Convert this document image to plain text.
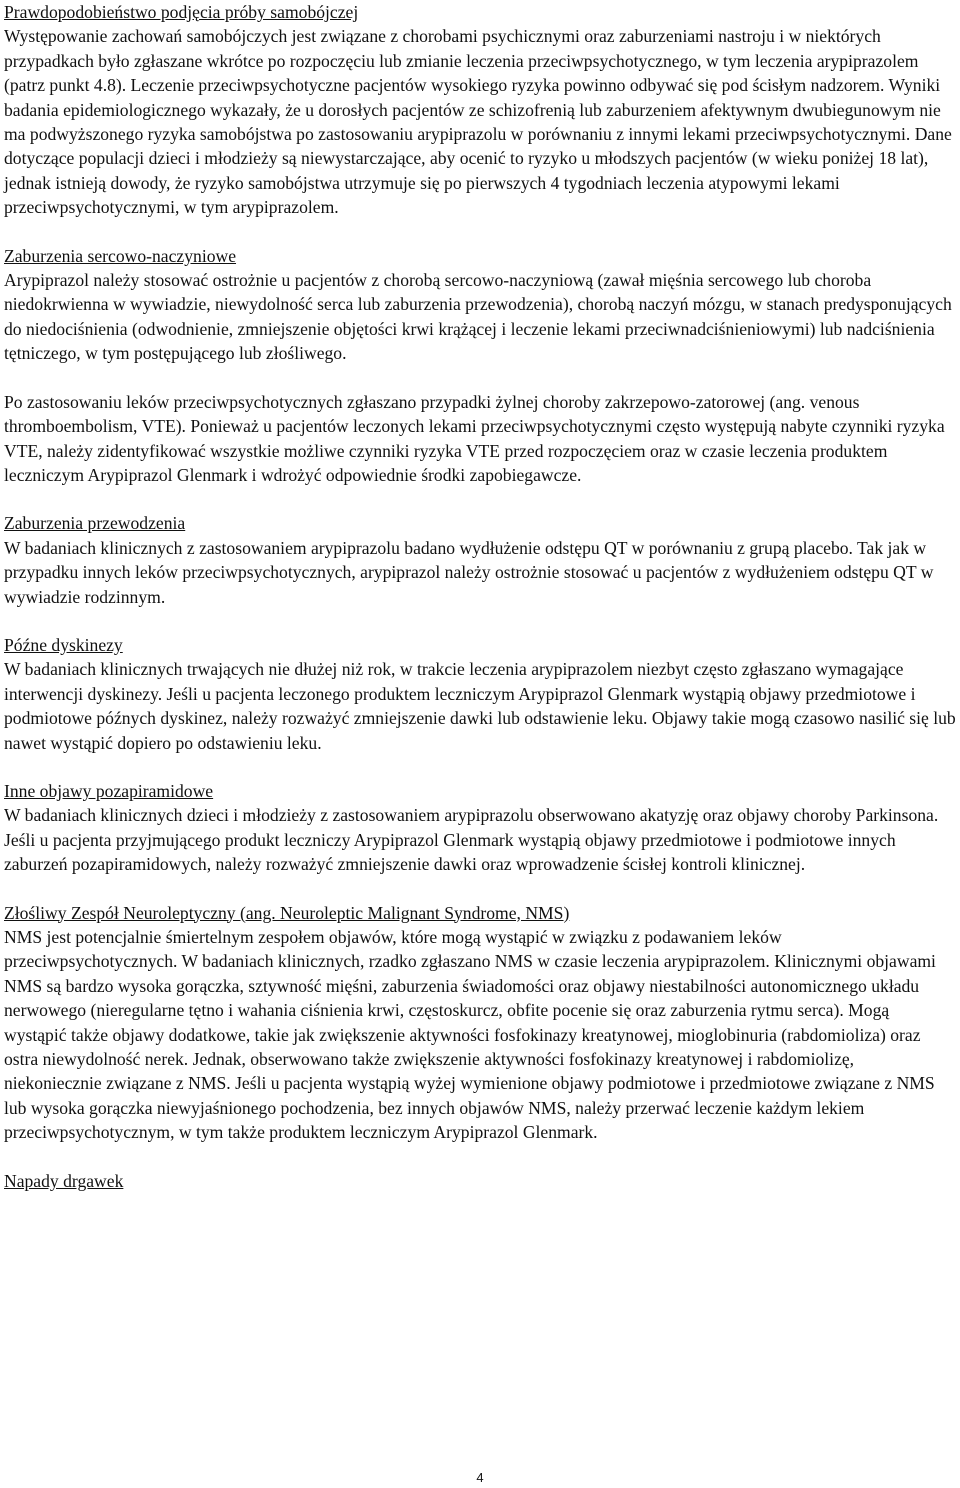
Prawdopodobieństwo podjęcia próby samobójczej

Występowanie zachowań samobójczych jest związane z chorobami psychicznymi oraz zaburzeniami nastroju i w niektórych przypadkach było zgłaszane wkrótce po rozpoczęciu lub zmianie leczenia przeciwpsychotycznego, w tym leczenia arypiprazolem (patrz punkt 4.8). Leczenie przeciwpsychotyczne pacjentów wysokiego ryzyka powinno odbywać się pod ścisłym nadzorem. Wyniki badania epidemiologicznego wykazały, że u dorosłych pacjentów ze schizofrenią lub zaburzeniem afektywnym dwubiegunowym nie ma podwyższonego ryzyka samobójstwa po zastosowaniu arypiprazolu w porównaniu z innymi lekami przeciwpsychotycznymi. Dane dotyczące populacji dzieci i młodzieży są niewystarczające, aby ocenić to ryzyko u młodszych pacjentów (w wieku poniżej 18 lat), jednak istnieją dowody, że ryzyko samobójstwa utrzymuje się po pierwszych 4 tygodniach leczenia atypowymi lekami przeciwpsychotycznymi, w tym arypiprazolem.

Zaburzenia sercowo-naczyniowe

Arypiprazol należy stosować ostrożnie u pacjentów z chorobą sercowo-naczyniową (zawał mięśnia sercowego lub choroba niedokrwienna w wywiadzie, niewydolność serca lub zaburzenia przewodzenia), chorobą naczyń mózgu, w stanach predysponujących do niedociśnienia (odwodnienie, zmniejszenie objętości krwi krążącej i leczenie lekami przeciwnadciśnieniowymi) lub nadciśnienia tętniczego, w tym postępującego lub złośliwego.

Po zastosowaniu leków przeciwpsychotycznych zgłaszano przypadki żylnej choroby zakrzepowo-zatorowej (ang. venous thromboembolism, VTE). Ponieważ u pacjentów leczonych lekami przeciwpsychotycznymi często występują nabyte czynniki ryzyka VTE, należy zidentyfikować wszystkie możliwe czynniki ryzyka VTE przed rozpoczęciem oraz w czasie leczenia produktem leczniczym Arypiprazol Glenmark i wdrożyć odpowiednie środki zapobiegawcze.

Zaburzenia przewodzenia

W badaniach klinicznych z zastosowaniem arypiprazolu badano wydłużenie odstępu QT w porównaniu z grupą placebo. Tak jak w przypadku innych leków przeciwpsychotycznych, arypiprazol należy ostrożnie stosować u pacjentów z wydłużeniem odstępu QT w wywiadzie rodzinnym.

Późne dyskinezy

W badaniach klinicznych trwających nie dłużej niż rok, w trakcie leczenia arypiprazolem niezbyt często zgłaszano wymagające interwencji dyskinezy. Jeśli u pacjenta leczonego produktem leczniczym Arypiprazol Glenmark wystąpią objawy przedmiotowe i podmiotowe późnych dyskinez, należy rozważyć zmniejszenie dawki lub odstawienie leku. Objawy takie mogą czasowo nasilić się lub nawet wystąpić dopiero po odstawieniu leku.

Inne objawy pozapiramidowe

W badaniach klinicznych dzieci i młodzieży z zastosowaniem arypiprazolu obserwowano akatyzję oraz objawy choroby Parkinsona. Jeśli u pacjenta przyjmującego produkt leczniczy Arypiprazol Glenmark wystąpią objawy przedmiotowe i podmiotowe innych zaburzeń pozapiramidowych, należy rozważyć zmniejszenie dawki oraz wprowadzenie ścisłej kontroli klinicznej.

Złośliwy Zespół Neuroleptyczny (ang. Neuroleptic Malignant Syndrome, NMS)

NMS jest potencjalnie śmiertelnym zespołem objawów, które mogą wystąpić w związku z podawaniem leków przeciwpsychotycznych. W badaniach klinicznych, rzadko zgłaszano NMS w czasie leczenia arypiprazolem. Klinicznymi objawami NMS są bardzo wysoka gorączka, sztywność mięśni, zaburzenia świadomości oraz objawy niestabilności autonomicznego układu nerwowego (nieregularne tętno i wahania ciśnienia krwi, częstoskurcz, obfite pocenie się oraz zaburzenia rytmu serca). Mogą wystąpić także objawy dodatkowe, takie jak zwiększenie aktywności fosfokinazy kreatynowej, mioglobinuria (rabdomioliza) oraz ostra niewydolność nerek. Jednak, obserwowano także zwiększenie aktywności fosfokinazy kreatynowej i rabdomiolizę, niekoniecznie związane z NMS. Jeśli u pacjenta wystąpią wyżej wymienione objawy podmiotowe i przedmiotowe związane z NMS lub wysoka gorączka niewyjaśnionego pochodzenia, bez innych objawów NMS, należy przerwać leczenie każdym lekiem przeciwpsychotycznym, w tym także produktem leczniczym Arypiprazol Glenmark.

Napady drgawek

4
